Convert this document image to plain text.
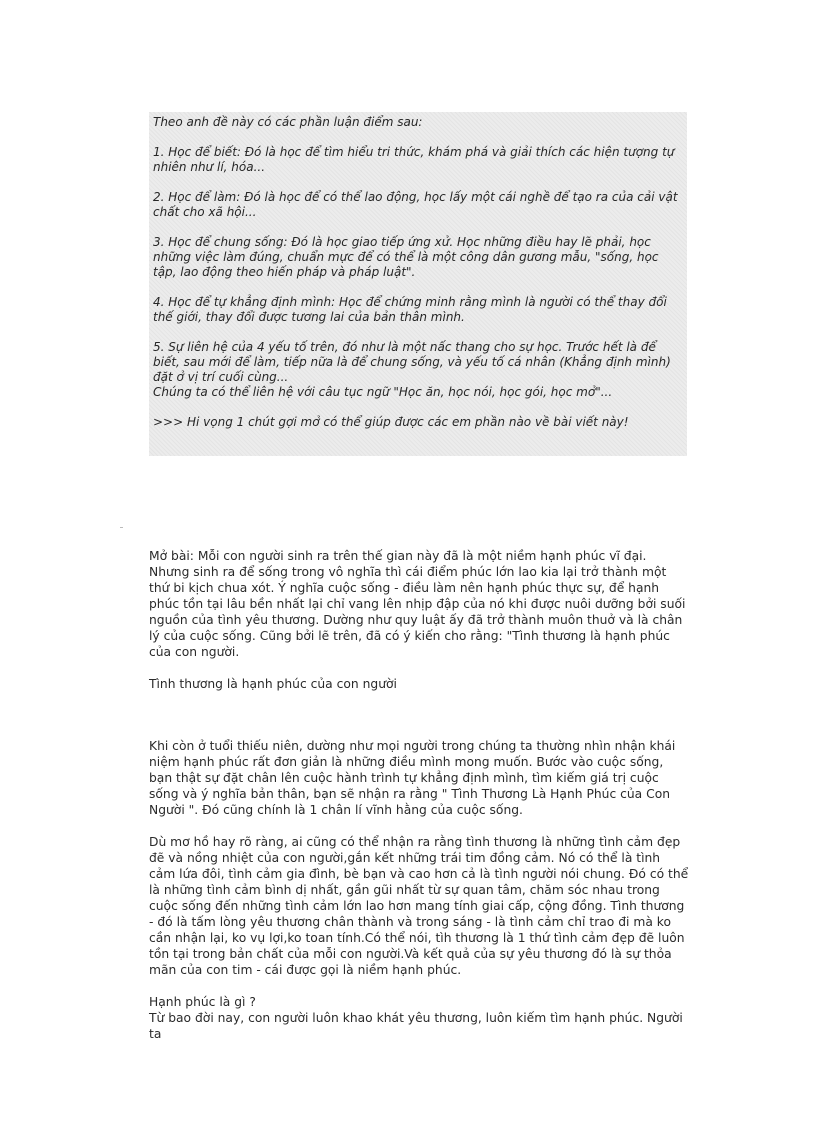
Theo anh đề này có các phần luận điểm sau:

1. Học để biết: Đó là học để tìm hiểu tri thức, khám phá và giải thích các hiện tượng tự nhiên như lí, hóa...

2. Học để làm: Đó là học để có thể lao động, học lấy một cái nghề để tạo ra của cải vật chất cho xã hội...

3. Học để chung sống: Đó là học giao tiếp ứng xử. Học những điều hay lẽ phải, học những việc làm đúng, chuẩn mực để có thể là một công dân gương mẫu, "sống, học tập, lao động theo hiến pháp và pháp luật".

4. Học để tự khẳng định mình: Học để chứng minh rằng mình là người có thể thay đổi thế giới, thay đổi được tương lai của bản thân mình.

5. Sự liên hệ của 4 yếu tố trên, đó như là một nấc thang cho sự học. Trước hết là để biết, sau mới để làm, tiếp nữa là để chung sống, và yếu tố cá nhân (Khẳng định mình) đặt ở vị trí cuối cùng...

Chúng ta có thể liên hệ với câu tục ngữ "Học ăn, học nói, học gói, học mở"...

>>> Hi vọng 1 chút gợi mở có thể giúp được các em phần nào về bài viết này!

Mở bài: Mỗi con người sinh ra trên thế gian này đã là một niềm hạnh phúc vĩ đại. Nhưng sinh ra để sống trong vô nghĩa thì cái điểm phúc lớn lao kia lại trở thành một thứ bi kịch chua xót. Ý nghĩa cuộc sống - điều làm nên hạnh phúc thực sự, để hạnh phúc tồn tại lâu bền nhất lại chỉ vang lên nhịp đập của nó khi được nuôi dưỡng bởi suối nguồn của tình yêu thương. Dường như quy luật ấy đã trở thành muôn thuở và là chân lý của cuộc sống. Cũng bởi lẽ trên, đã có ý kiến cho rằng: "Tình thương là hạnh phúc của con người.

Tình thương là hạnh phúc của con người

Khi còn ở tuổi thiếu niên, dường như mọi người trong chúng ta thường nhìn nhận khái niệm hạnh phúc rất đơn giản là những điều mình mong muốn. Bước vào cuộc sống, bạn thật sự đặt chân lên cuộc hành trình tự khẳng định mình, tìm kiếm giá trị cuộc sống và ý nghĩa bản thân, bạn sẽ nhận ra rằng " Tình Thương Là Hạnh Phúc của Con Người ". Đó cũng chính là 1 chân lí vĩnh hằng của cuộc sống.

Dù mơ hồ hay rõ ràng, ai cũng có thể nhận ra rằng tình thương là những tình cảm đẹp đẽ và nồng nhiệt của con người,gắn kết những trái tim đồng cảm. Nó có thể là tình cảm lứa đôi, tình cảm gia đình, bè bạn và cao hơn cả là tình người nói chung. Đó có thể là những tình cảm bình dị nhất, gần gũi nhất từ sự quan tâm, chăm sóc nhau trong cuộc sống đến những tình cảm lớn lao hơn mang tính giai cấp, cộng đồng. Tình thương - đó là tấm lòng yêu thương chân thành và trong sáng - là tình cảm chỉ trao đi mà ko cần nhận lại, ko vụ lợi,ko toan tính.Có thể nói, tìh thương là 1 thứ tình cảm đẹp đẽ luôn tồn tại trong bản chất của mỗi con người.Và kết quả của sự yêu thương đó là sự thỏa mãn của con tim - cái được gọi là niềm hạnh phúc.

Hạnh phúc là gì ?

Từ bao đời nay, con người luôn khao khát yêu thương, luôn kiếm tìm hạnh phúc. Người ta
